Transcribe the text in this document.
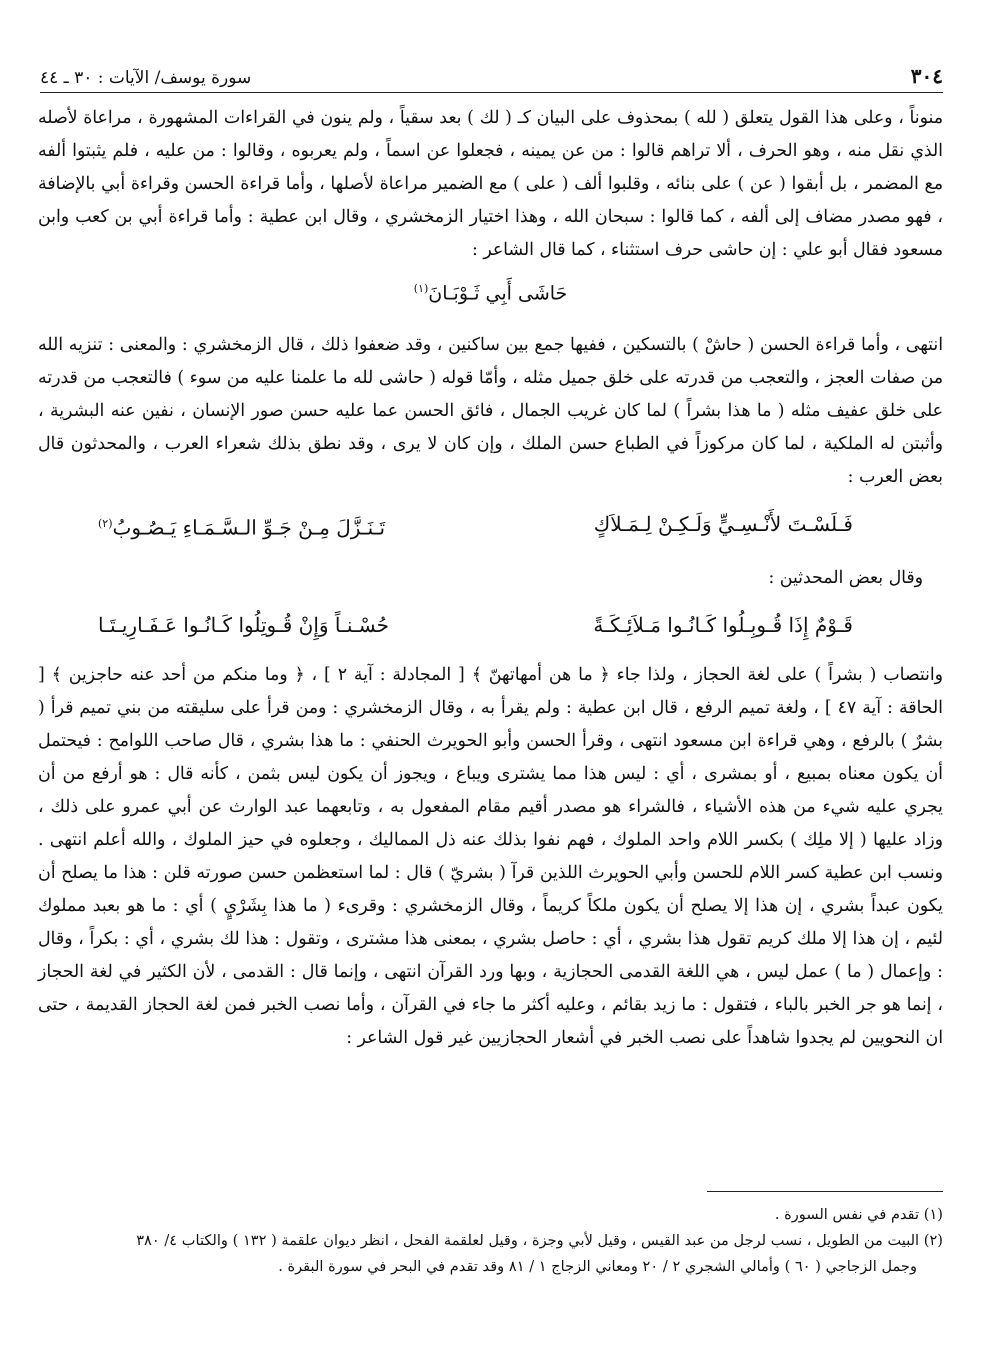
٣٠٤
سورة يوسف/ الآيات : ٣٠ ـ ٤٤

منوناً ، وعلى هذا القول يتعلق ( لله ) بمحذوف على البيان كـ ( لك ) بعد سقياً ، ولم ينون في القراءات المشهورة ، مراعاة لأصله الذي نقل منه ، وهو الحرف ، ألا تراهم قالوا : من عن يمينه ، فجعلوا عن اسماً ، ولم يعربوه ، وقالوا : من عليه ، فلم يثبتوا ألفه مع المضمر ، بل أبقوا ( عن ) على بنائه ، وقلبوا ألف ( على ) مع الضمير مراعاة لأصلها ، وأما قراءة الحسن وقراءة أبي بالإضافة ، فهو مصدر مضاف إلى ألفه ، كما قالوا : سبحان الله ، وهذا اختيار الزمخشري ، وقال ابن عطية : وأما قراءة أبي بن كعب وابن مسعود فقال أبو علي : إن حاشى حرف استثناء ، كما قال الشاعر :

حَاشَى أَبِي ثَـوْبَـانَ$^{(١)}$

انتهى ، وأما قراءة الحسن ( حاشْ ) بالتسكين ، ففيها جمع بين ساكنين ، وقد ضعفوا ذلك ، قال الزمخشري : والمعنى : تنزيه الله من صفات العجز ، والتعجب من قدرته على خلق جميل مثله ، وأمّا قوله ( حاشى لله ما علمنا عليه من سوء ) فالتعجب من قدرته على خلق عفيف مثله ( ما هذا بشراً ) لما كان غريب الجمال ، فائق الحسن عما عليه حسن صور الإنسان ، نفين عنه البشرية ، وأثبتن له الملكية ، لما كان مركوزاً في الطباع حسن الملك ، وإن كان لا يرى ، وقد نطق بذلك شعراء العرب ، والمحدثون قال بعض العرب :

فَـلَسْـتَ لأَنْـسِـيٍّ وَلَـكِـنْ لِـمَـلاَكٍ
تَـنَـزَّلَ مِـنْ جَـوِّ الـسَّـمَـاءِ يَـصُـوبُ$^{(٢)}$

وقال بعض المحدثين :

قَـوْمٌ إِذَا قُـوبِـلُوا كَـانُـوا مَـلاَئِـكَـةً
حُسْـنـاً وَإِنْ قُـوتِلُوا كَـانُـوا عَـفَـارِيـتَـا

وانتصاب ( بشراً ) على لغة الحجاز ، ولذا جاء ﴿ ما هن أمهاتهنّ ﴾ [ المجادلة : آية ٢ ] ، ﴿ وما منكم من أحد عنه حاجزين ﴾ [ الحاقة : آية ٤٧ ] ، ولغة تميم الرفع ، قال ابن عطية : ولم يقرأ به ، وقال الزمخشري : ومن قرأ على سليقته من بني تميم قرأ ( بشرٌ ) بالرفع ، وهي قراءة ابن مسعود انتهى ، وقرأ الحسن وأبو الحويرث الحنفي : ما هذا بشري ، قال صاحب اللوامح : فيحتمل أن يكون معناه بمبيع ، أو بمشرى ، أي : ليس هذا مما يشترى ويباع ، ويجوز أن يكون ليس بثمن ، كأنه قال : هو أرفع من أن يجري عليه شيء من هذه الأشياء ، فالشراء هو مصدر أقيم مقام المفعول به ، وتابعهما عبد الوارث عن أبي عمرو على ذلك ، وزاد عليها ( إلا ملِك ) بكسر اللام واحد الملوك ، فهم نفوا بذلك عنه ذل المماليك ، وجعلوه في حيز الملوك ، والله أعلم انتهى . ونسب ابن عطية كسر اللام للحسن وأبي الحويرث اللذين قرآ ( بشريّ ) قال : لما استعظمن حسن صورته قلن : هذا ما يصلح أن يكون عبداً بشري ، إن هذا إلا يصلح أن يكون ملكاً كريماً ، وقال الزمخشري : وقرىء ( ما هذا بِشَرْيٍ ) أي : ما هو بعبد مملوك لئيم ، إن هذا إلا ملك كريم تقول هذا بشري ، أي : حاصل بشري ، بمعنى هذا مشترى ، وتقول : هذا لك بشري ، أي : بكراً ، وقال : وإعمال ( ما ) عمل ليس ، هي اللغة القدمى الحجازية ، وبها ورد القرآن انتهى ، وإنما قال : القدمى ، لأن الكثير في لغة الحجاز ، إنما هو جر الخبر بالباء ، فتقول : ما زيد بقائم ، وعليه أكثر ما جاء في القرآن ، وأما نصب الخبر فمن لغة الحجاز القديمة ، حتى ان النحويين لم يجدوا شاهداً على نصب الخبر في أشعار الحجازيين غير قول الشاعر :

(١) تقدم في نفس السورة .

(٢) البيت من الطويل ، نسب لرجل من عبد القيس ، وقيل لأبي وجزة ، وقيل لعلقمة الفحل ، انظر ديوان علقمة ( ١٣٢ ) والكتاب ٤/ ٣٨٠

وجمل الزجاجي ( ٦٠ ) وأمالي الشجري ٢ / ٢٠ ومعاني الزجاج ١ / ٨١ وقد تقدم في البحر في سورة البقرة .
